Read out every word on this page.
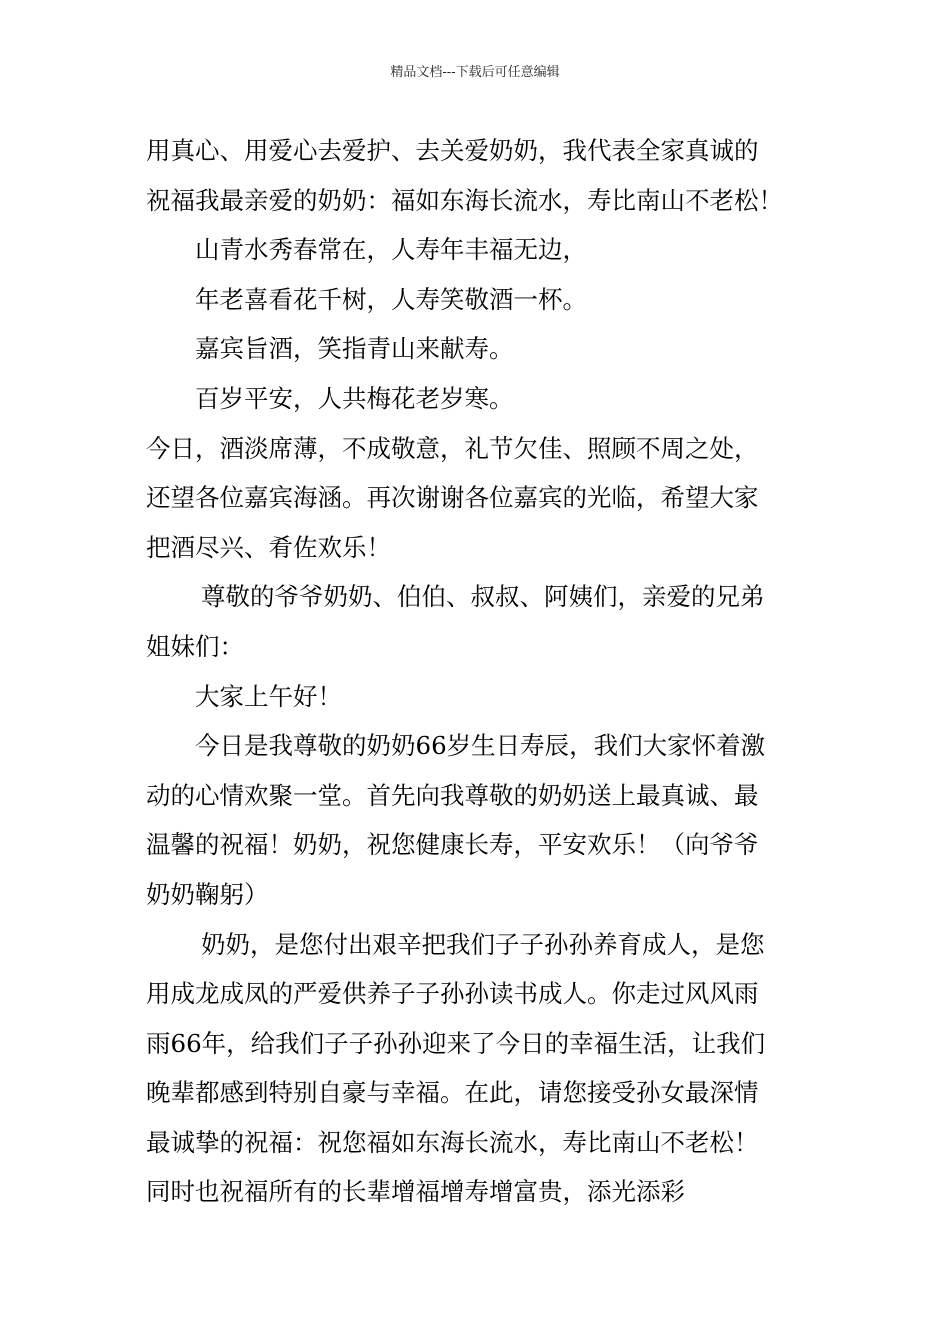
精品文档---下载后可任意编辑

用真心、用爱心去爱护、去关爱奶奶，我代表全家真诚的

祝福我最亲爱的奶奶：福如东海长流水，寿比南山不老松！

山青水秀春常在，人寿年丰福无边，

年老喜看花千树，人寿笑敬酒一杯。

嘉宾旨酒，笑指青山来献寿。

百岁平安，人共梅花老岁寒。

今日，酒淡席薄，不成敬意，礼节欠佳、照顾不周之处，

还望各位嘉宾海涵。再次谢谢各位嘉宾的光临，希望大家

把酒尽兴、肴佐欢乐！

尊敬的爷爷奶奶、伯伯、叔叔、阿姨们，亲爱的兄弟

姐妹们：

大家上午好！

今日是我尊敬的奶奶66岁生日寿辰，我们大家怀着激

动的心情欢聚一堂。首先向我尊敬的奶奶送上最真诚、最

温馨的祝福！奶奶，祝您健康长寿，平安欢乐！（向爷爷

奶奶鞠躬）

奶奶，是您付出艰辛把我们子子孙孙养育成人，是您

用成龙成凤的严爱供养子子孙孙读书成人。你走过风风雨

雨66年，给我们子子孙孙迎来了今日的幸福生活，让我们

晚辈都感到特别自豪与幸福。在此，请您接受孙女最深情

最诚挚的祝福：祝您福如东海长流水，寿比南山不老松！

同时也祝福所有的长辈增福增寿增富贵，添光添彩
